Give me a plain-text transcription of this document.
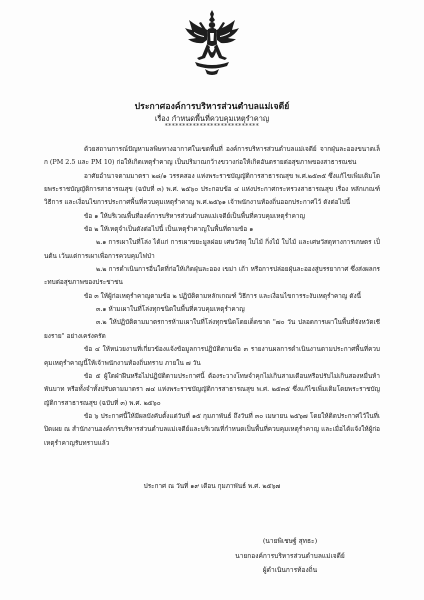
ประกาศองค์การบริหารส่วนตำบลแม่เจดีย์
เรื่อง กำหนดพื้นที่ควบคุมเหตุรำคาญ
***************************

ด้วยสถานการณ์ปัญหามลพิษทางอากาศในเขตพื้นที่ องค์การบริหารส่วนตำบลแม่เจดีย์ จากฝุ่นละอองขนาดเล็ก (PM 2.5 และ PM 10) ก่อให้เกิดเหตุรำคาญ เป็นปริมาณกว้างขวางก่อให้เกิดอันตรายต่อสุขภาพของสาธารณชน

อาศัยอำนาจตามมาตรา ๒๘/๑ วรรคสอง แห่งพระราชบัญญัติการสาธารณสุข พ.ศ.๒๕๓๕ ซึ่งแก้ไขเพิ่มเติมโดยพระราชบัญญัติการสาธารณสุข (ฉบับที่ ๓) พ.ศ. ๒๕๖๐ ประกอบข้อ ๔ แห่งประกาศกระทรวงสาธารณสุข เรื่อง หลักเกณฑ์ วิธีการ และเงื่อนไขการประกาศพื้นที่ควบคุมเหตุรำคาญ พ.ศ.๒๕๖๑ เจ้าพนักงานท้องถิ่นออกประกาศไว้ ดังต่อไปนี้

ข้อ ๑ ให้บริเวณพื้นที่องค์การบริหารส่วนตำบลแม่เจดีย์เป็นพื้นที่ควบคุมเหตุรำคาญ

ข้อ ๒ ให้เหตุจำเป็นดังต่อไปนี้ เป็นเหตุรำคาญในพื้นที่ตามข้อ ๑

๒.๑ การเผาในที่โล่ง ได้แก่ การเผาขยะมูลฝอย เศษวัสดุ ใบไม้ กิ่งไม้ ใบไม้ และเศษวัสดุทางการเกษตร เป็นต้น เว้นแต่การเผาเพื่อการควบคุมไฟป่า

๒.๒ การดำเนินการอื่นใดที่ก่อให้เกิดฝุ่นละออง เขม่า เถ้า หรือการปล่อยฝุ่นละอองสู่บรรยากาศ ซึ่งส่งผลกระทบต่อสุขภาพของประชาชน

ข้อ ๓ ให้ผู้ก่อเหตุรำคาญตามข้อ ๒ ปฏิบัติตามหลักเกณฑ์ วิธีการ และเงื่อนไขการระงับเหตุรำคาญ ดังนี้

๓.๑ ห้ามเผาในที่โล่งทุกชนิดในพื้นที่ควบคุมเหตุรำคาญ

๓.๒ ให้ปฏิบัติตามมาตรการห้ามเผาในที่โล่งทุกชนิดโดยเด็ดขาด "๗๐ วัน ปลอดการเผาในพื้นที่จังหวัดเชียงราย" อย่างเคร่งครัด

ข้อ ๔ ให้หน่วยงานที่เกี่ยวข้องแจ้งข้อมูลการปฏิบัติตามข้อ ๓ รายงานผลการดำเนินงานตามประกาศพื้นที่ควบคุมเหตุรำคาญนี้ให้เจ้าพนักงานท้องถิ่นทราบ ภายใน ๗ วัน

ข้อ ๕ ผู้ใดฝ่าฝืนหรือไม่ปฏิบัติตามประกาศนี้ ต้องระวางโทษจำคุกไม่เกินสามเดือนหรือปรับไม่เกินสองหมื่นห้าพันบาท หรือทั้งจำทั้งปรับตามมาตรา ๗๔ แห่งพระราชบัญญัติการสาธารณสุข พ.ศ. ๒๕๓๕ ซึ่งแก้ไขเพิ่มเติมโดยพระราชบัญญัติการสาธารณสุข (ฉบับที่ ๓) พ.ศ. ๒๕๖๐

ข้อ ๖ ประกาศนี้ให้มีผลบังคับตั้งแต่วันที่ ๑๕ กุมภาพันธ์ ถึงวันที่ ๓๐ เมษายน ๒๕๖๗ โดยให้ติดประกาศไว้ในที่เปิดเผย ณ สำนักงานองค์การบริหารส่วนตำบลแม่เจดีย์และบริเวณที่กำหนดเป็นพื้นที่ควบคุมเหตุรำคาญ และเมื่อได้แจ้งให้ผู้ก่อเหตุรำคาญรับทราบแล้ว

ประกาศ ณ วันที่ ๑๙ เดือน กุมภาพันธ์ พ.ศ. ๒๕๖๗
(นายพิเชษฐ์ สุทธะ)
นายกองค์การบริหารส่วนตำบลแม่เจดีย์
ผู้ดำเนินการท้องถิ่น
